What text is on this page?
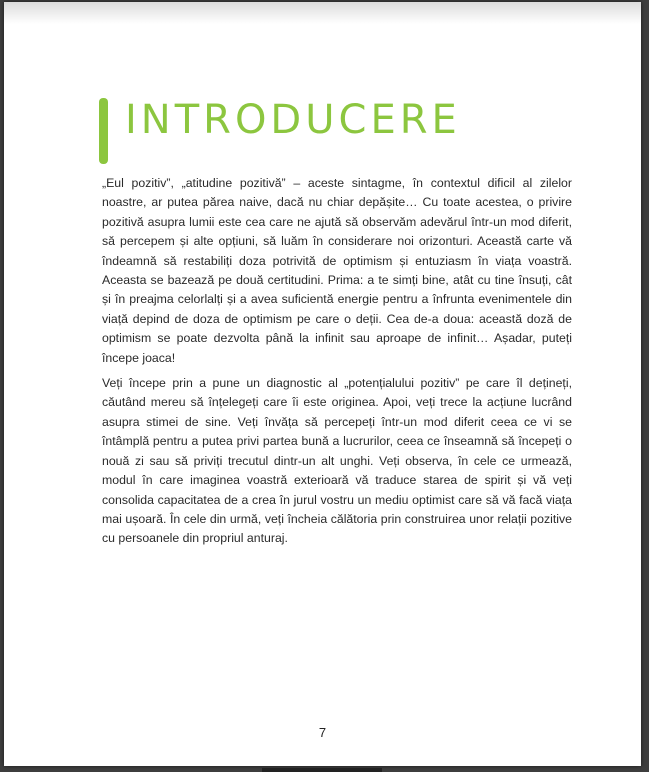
INTRODUCERE

„Eul pozitiv”, „atitudine pozitivă” – aceste sintagme, în contextul dificil al zilelor noastre, ar putea părea naive, dacă nu chiar depășite… Cu toate acestea, o privire pozitivă asupra lumii este cea care ne ajută să observăm adevărul într-un mod diferit, să percepem și alte opțiuni, să luăm în considerare noi orizonturi. Această carte vă îndeamnă să restabiliți doza potrivită de optimism și entuziasm în viața voastră. Aceasta se bazează pe două certitudini. Prima: a te simți bine, atât cu tine însuți, cât și în preajma celorlalți și a avea suficientă energie pentru a înfrunta evenimentele din viață depind de doza de optimism pe care o deții. Cea de-a doua: această doză de optimism se poate dezvolta până la infinit sau aproape de infinit… Așadar, puteți începe joaca!

Veți începe prin a pune un diagnostic al „potențialului pozitiv” pe care îl dețineți, căutând mereu să înțelegeți care îi este originea. Apoi, veți trece la acțiune lucrând asupra stimei de sine. Veți învăța să percepeți într-un mod diferit ceea ce vi se întâmplă pentru a putea privi partea bună a lucrurilor, ceea ce înseamnă să începeți o nouă zi sau să priviți trecutul dintr-un alt unghi. Veți observa, în cele ce urmează, modul în care imaginea voastră exterioară vă traduce starea de spirit și vă veți consolida capacitatea de a crea în jurul vostru un mediu optimist care să vă facă viața mai ușoară. În cele din urmă, veți încheia călătoria prin construirea unor relații pozitive cu persoanele din propriul anturaj.

7
